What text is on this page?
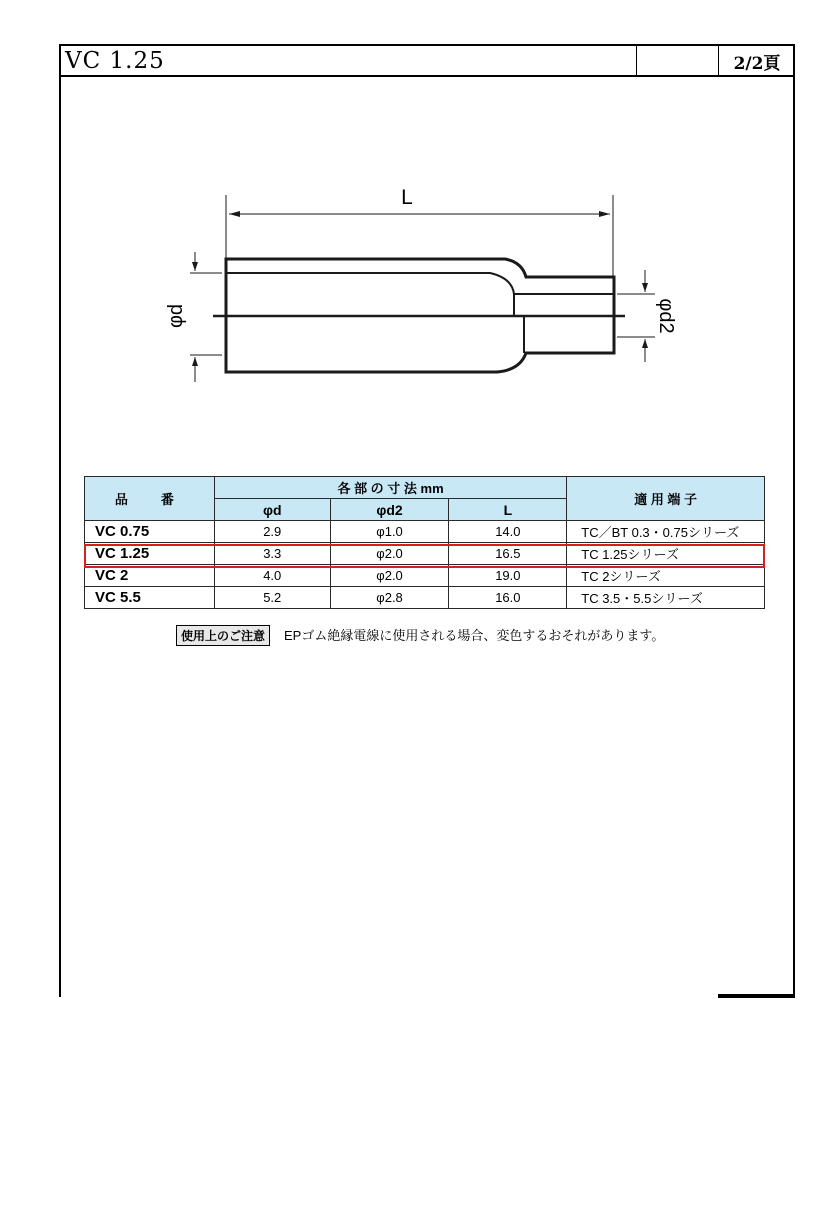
VC 1.25	2/2頁
L
φd	φd2
品　番	各 部 の 寸 法 mm			適 用 端 子
	φd	φd2	L	
VC 0.75	2.9	φ1.0	14.0	TC／BT 0.3・0.75シリーズ
VC 1.25	3.3	φ2.0	16.5	TC 1.25シリーズ
VC 2	4.0	φ2.0	19.0	TC 2シリーズ
VC 5.5	5.2	φ2.8	16.0	TC 3.5・5.5シリーズ
使用上のご注意 EPゴム絶縁電線に使用される場合、変色するおそれがあります。
